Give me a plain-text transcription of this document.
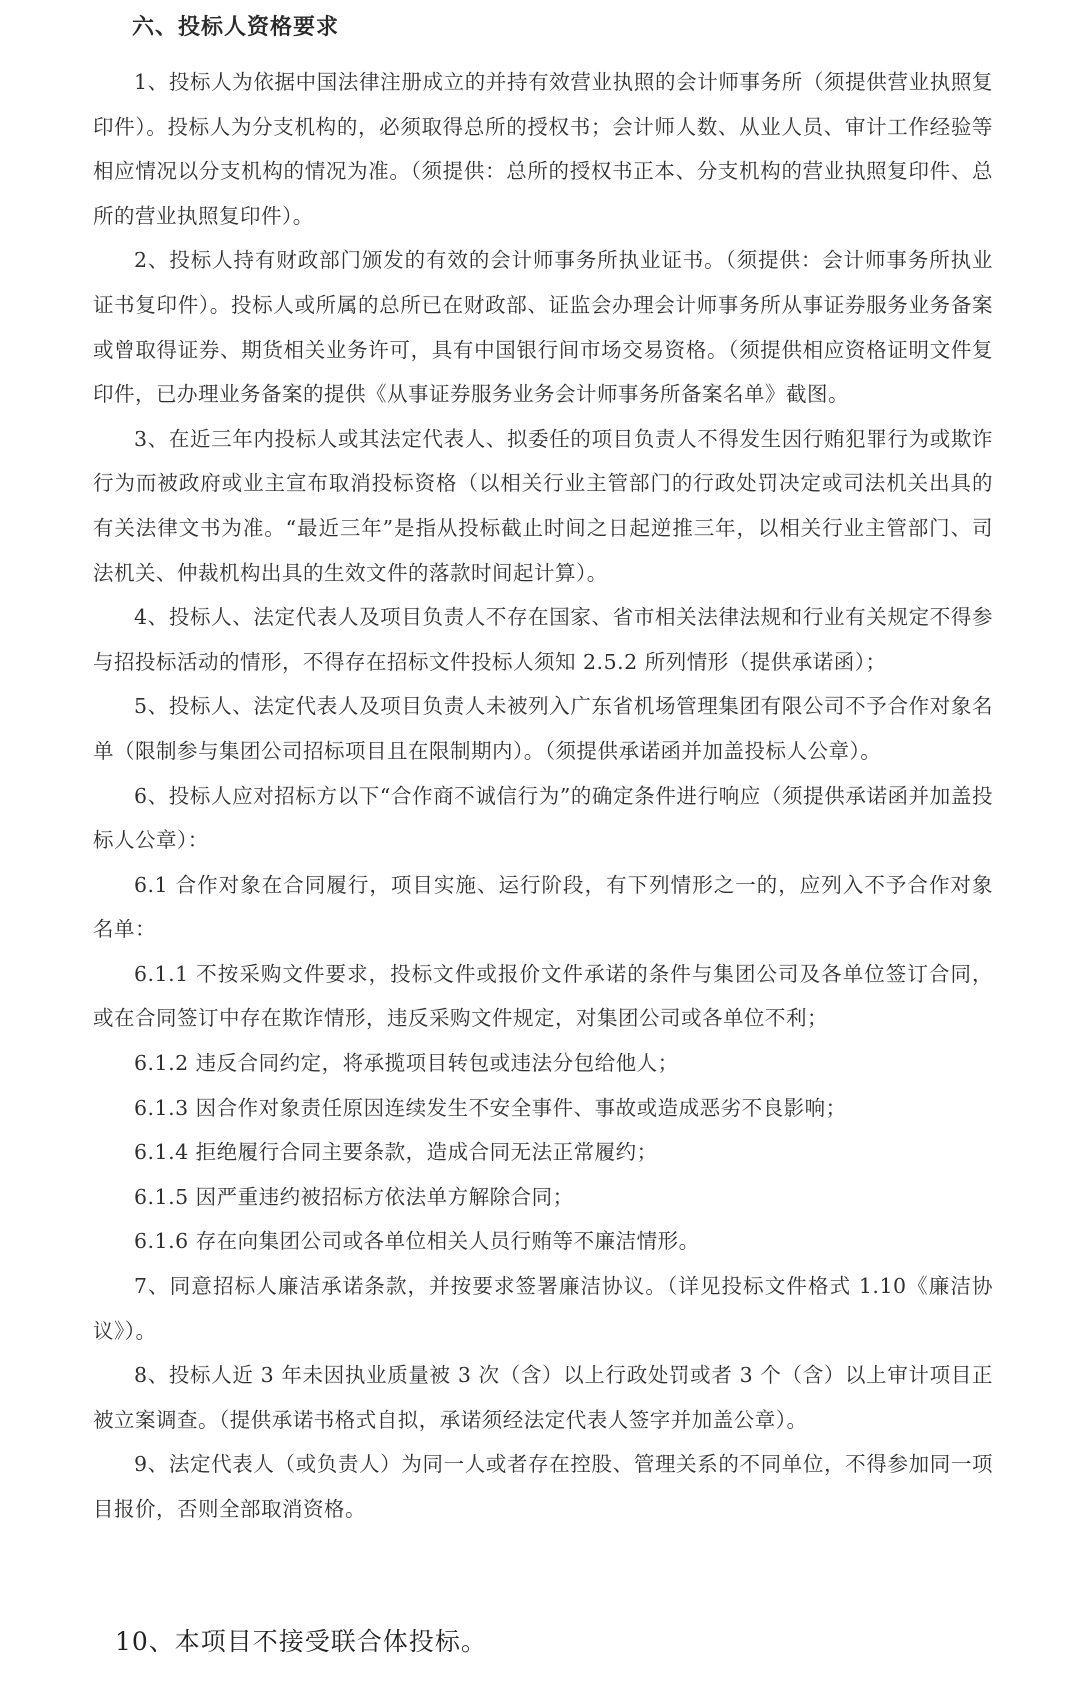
六、投标人资格要求

1、投标人为依据中国法律注册成立的并持有效营业执照的会计师事务所（须提供营业执照复印件）。投标人为分支机构的，必须取得总所的授权书；会计师人数、从业人员、审计工作经验等相应情况以分支机构的情况为准。（须提供：总所的授权书正本、分支机构的营业执照复印件、总所的营业执照复印件）。

2、投标人持有财政部门颁发的有效的会计师事务所执业证书。（须提供：会计师事务所执业证书复印件）。投标人或所属的总所已在财政部、证监会办理会计师事务所从事证券服务业务备案或曾取得证券、期货相关业务许可，具有中国银行间市场交易资格。（须提供相应资格证明文件复印件，已办理业务备案的提供《从事证券服务业务会计师事务所备案名单》截图。

3、在近三年内投标人或其法定代表人、拟委任的项目负责人不得发生因行贿犯罪行为或欺诈行为而被政府或业主宣布取消投标资格（以相关行业主管部门的行政处罚决定或司法机关出具的有关法律文书为准。“最近三年”是指从投标截止时间之日起逆推三年，以相关行业主管部门、司法机关、仲裁机构出具的生效文件的落款时间起计算）。

4、投标人、法定代表人及项目负责人不存在国家、省市相关法律法规和行业有关规定不得参与招投标活动的情形，不得存在招标文件投标人须知 2.5.2 所列情形（提供承诺函）；

5、投标人、法定代表人及项目负责人未被列入广东省机场管理集团有限公司不予合作对象名单（限制参与集团公司招标项目且在限制期内）。（须提供承诺函并加盖投标人公章）。

6、投标人应对招标方以下“合作商不诚信行为”的确定条件进行响应（须提供承诺函并加盖投标人公章）：

6.1 合作对象在合同履行，项目实施、运行阶段，有下列情形之一的，应列入不予合作对象名单：

6.1.1 不按采购文件要求，投标文件或报价文件承诺的条件与集团公司及各单位签订合同，或在合同签订中存在欺诈情形，违反采购文件规定，对集团公司或各单位不利；

6.1.2 违反合同约定，将承揽项目转包或违法分包给他人；

6.1.3 因合作对象责任原因连续发生不安全事件、事故或造成恶劣不良影响；

6.1.4 拒绝履行合同主要条款，造成合同无法正常履约；

6.1.5 因严重违约被招标方依法单方解除合同；

6.1.6 存在向集团公司或各单位相关人员行贿等不廉洁情形。

7、同意招标人廉洁承诺条款，并按要求签署廉洁协议。（详见投标文件格式 1.10《廉洁协议》）。

8、投标人近 3 年未因执业质量被 3 次（含）以上行政处罚或者 3 个（含）以上审计项目正被立案调查。（提供承诺书格式自拟，承诺须经法定代表人签字并加盖公章）。

9、法定代表人（或负责人）为同一人或者存在控股、管理关系的不同单位，不得参加同一项目报价，否则全部取消资格。

10、本项目不接受联合体投标。
